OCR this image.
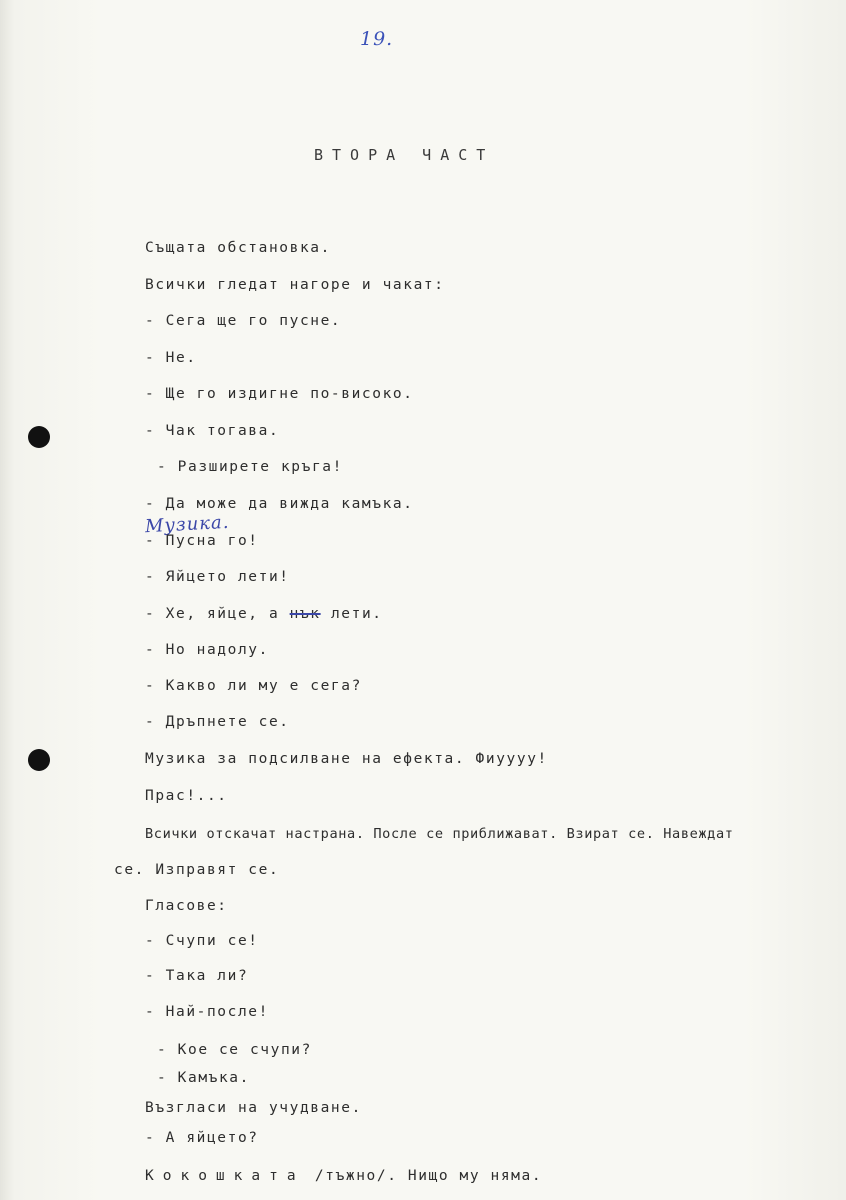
19.
ВТОРА ЧАСТ
Същата обстановка.
Всички гледат нагоре и чакат:
- Сега ще го пусне.
- Не.
- Ще го издигне по-високо.
- Чак тогава.
- Разширете кръга!
- Да може да вижда камъка.
Музика.
- Пусна го!
- Яйцето лети!
- Хе, яйце, а нък лети.
- Но надолу.
- Какво ли му е сега?
- Дръпнете се.
Музика за подсилване на ефекта. Фиуууу!
Прас!...
Всички отскачат настрана. После се приближават. Взират се. Навеждат
се. Изправят се.
Гласове:
- Счупи се!
- Така ли?
- Най-после!
- Кое се счупи?
- Камъка.
Възгласи на учудване.
- А яйцето?
Кокошката /тъжно/. Нищо му няма.
